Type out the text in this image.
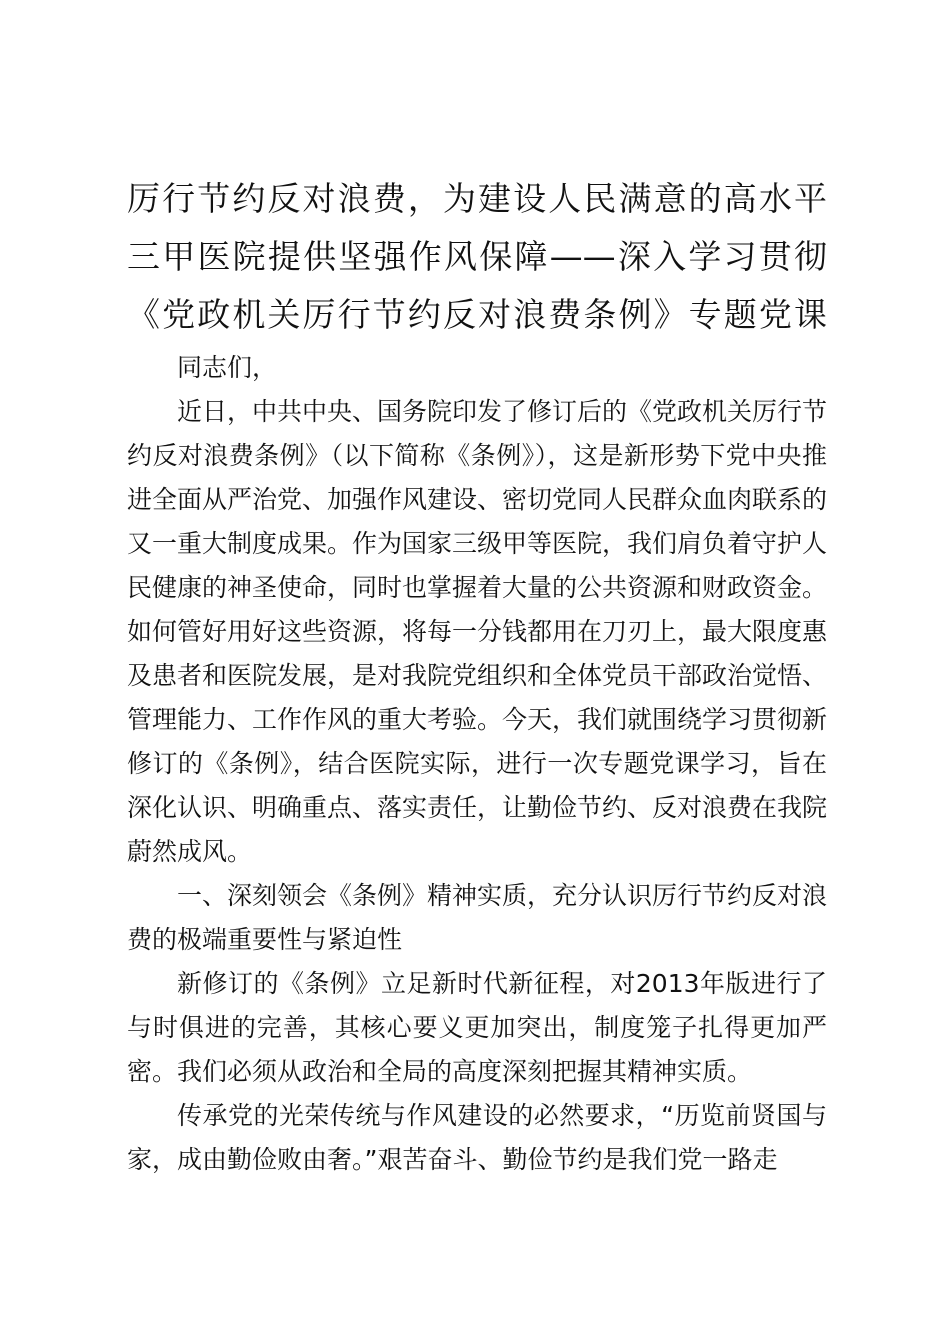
厉行节约反对浪费，为建设人民满意的高水平
三甲医院提供坚强作风保障——深入学习贯彻
《党政机关厉行节约反对浪费条例》专题党课

同志们，

近日，中共中央、国务院印发了修订后的《党政机关厉行节约反对浪费条例》（以下简称《条例》），这是新形势下党中央推进全面从严治党、加强作风建设、密切党同人民群众血肉联系的又一重大制度成果。作为国家三级甲等医院，我们肩负着守护人民健康的神圣使命，同时也掌握着大量的公共资源和财政资金。如何管好用好这些资源，将每一分钱都用在刀刃上，最大限度惠及患者和医院发展，是对我院党组织和全体党员干部政治觉悟、管理能力、工作作风的重大考验。今天，我们就围绕学习贯彻新修订的《条例》，结合医院实际，进行一次专题党课学习，旨在深化认识、明确重点、落实责任，让勤俭节约、反对浪费在我院蔚然成风。

一、深刻领会《条例》精神实质，充分认识厉行节约反对浪费的极端重要性与紧迫性

新修订的《条例》立足新时代新征程，对2013年版进行了与时俱进的完善，其核心要义更加突出，制度笼子扎得更加严密。我们必须从政治和全局的高度深刻把握其精神实质。

传承党的光荣传统与作风建设的必然要求，“历览前贤国与家，成由勤俭败由奢。”艰苦奋斗、勤俭节约是我们党一路走
